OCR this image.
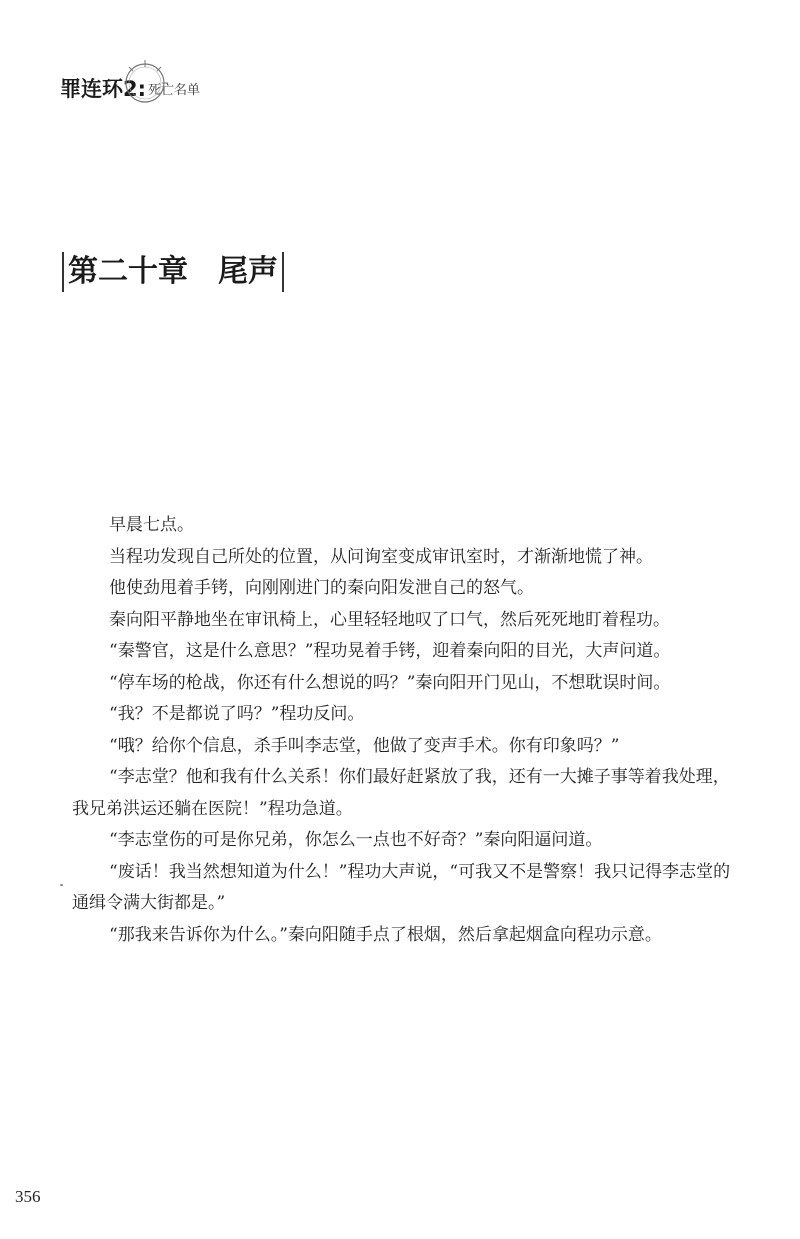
罪连环2: 死亡名单
第二十章　尾声

早晨七点。

当程功发现自己所处的位置，从问询室变成审讯室时，才渐渐地慌了神。

他使劲甩着手铐，向刚刚进门的秦向阳发泄自己的怒气。

秦向阳平静地坐在审讯椅上，心里轻轻地叹了口气，然后死死地盯着程功。

“秦警官，这是什么意思？”程功晃着手铐，迎着秦向阳的目光，大声问道。

“停车场的枪战，你还有什么想说的吗？”秦向阳开门见山，不想耽误时间。

“我？不是都说了吗？”程功反问。

“哦？给你个信息，杀手叫李志堂，他做了变声手术。你有印象吗？”

“李志堂？他和我有什么关系！你们最好赶紧放了我，还有一大摊子事等着我处理，我兄弟洪运还躺在医院！”程功急道。

“李志堂伤的可是你兄弟，你怎么一点也不好奇？”秦向阳逼问道。

“废话！我当然想知道为什么！”程功大声说，“可我又不是警察！我只记得李志堂的通缉令满大街都是。”

“那我来告诉你为什么。”秦向阳随手点了根烟，然后拿起烟盒向程功示意。

356
